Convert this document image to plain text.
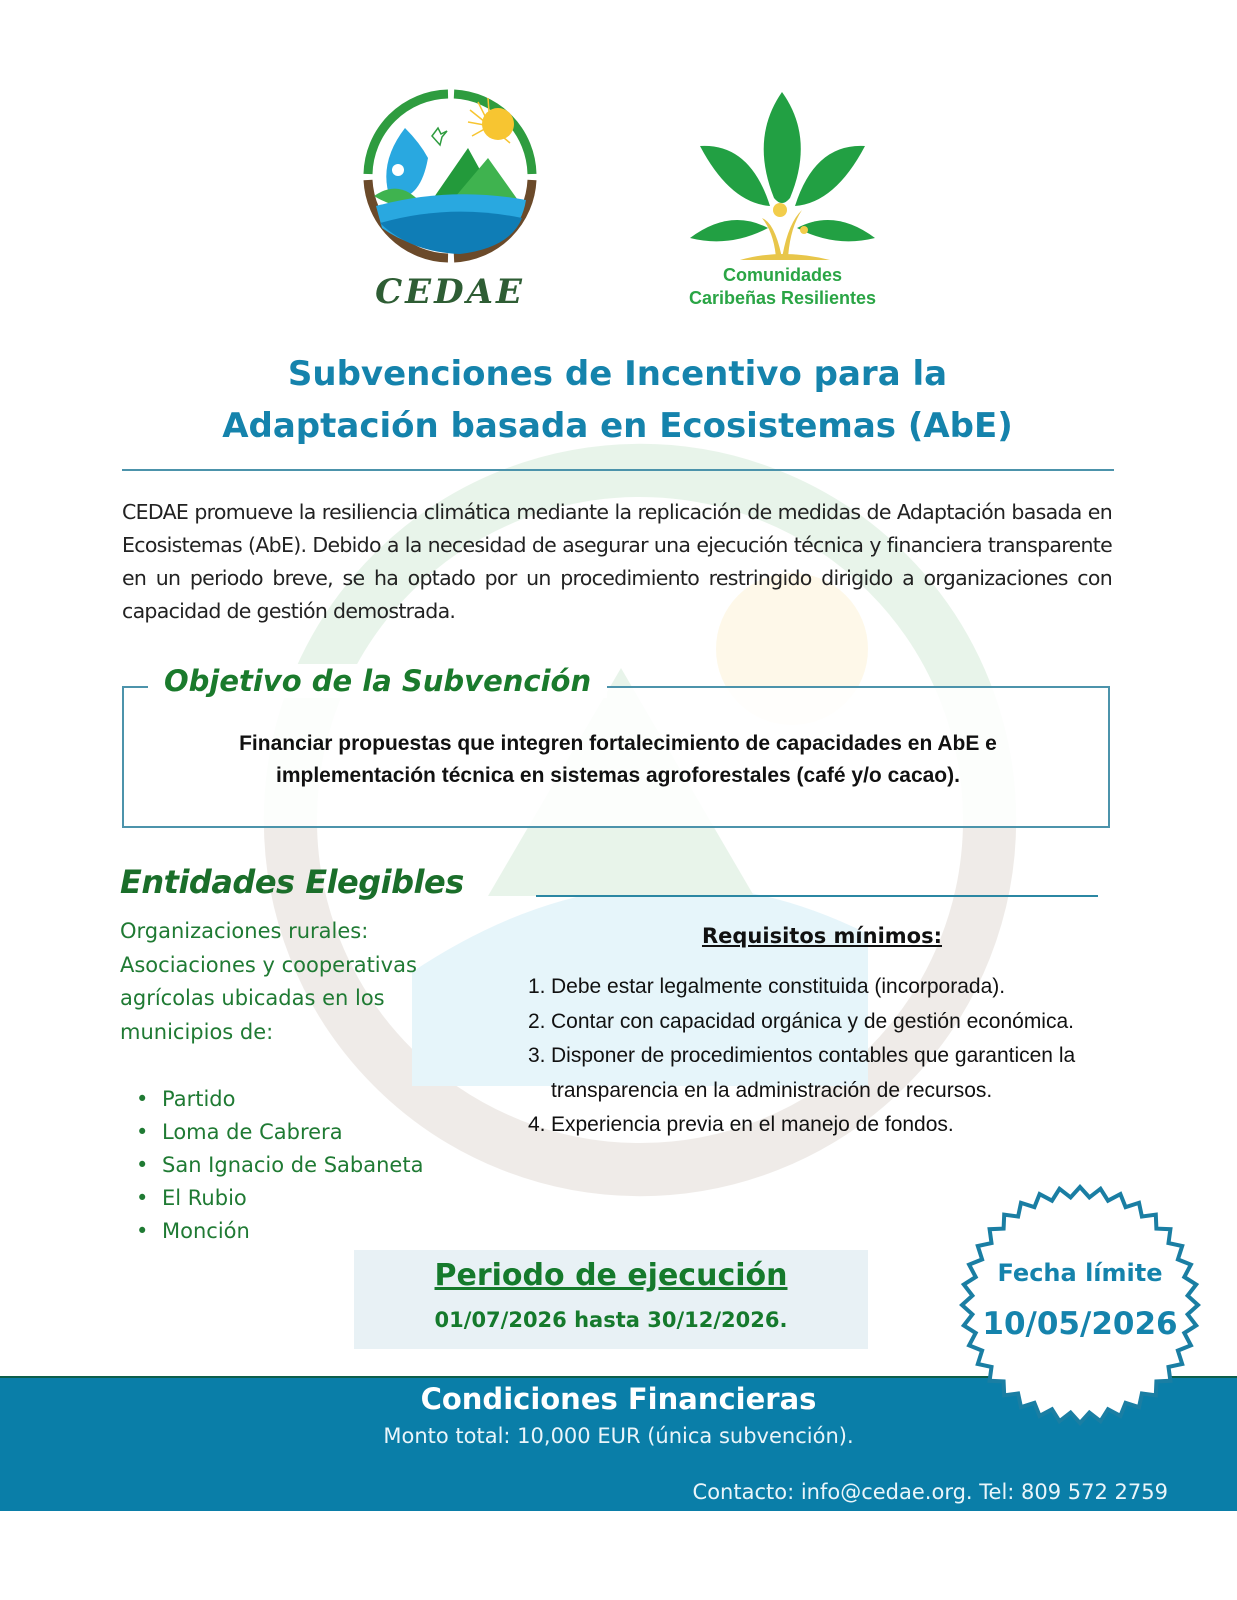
CEDAE	Comunidades
Caribeñas Resilientes
Subvenciones de Incentivo para la
Adaptación basada en Ecosistemas (AbE)
CEDAE promueve la resiliencia climática mediante la replicación de medidas de Adaptación basada en Ecosistemas (AbE). Debido a la necesidad de asegurar una ejecución técnica y financiera transparente en un periodo breve, se ha optado por un procedimiento restringido dirigido a organizaciones con capacidad de gestión demostrada.
Objetivo de la Subvención
Financiar propuestas que integren fortalecimiento de capacidades en AbE e
implementación técnica en sistemas agroforestales (café y/o cacao).
Entidades Elegibles
Organizaciones rurales: Asociaciones y cooperativas agrícolas ubicadas en los municipios de:
• Partido
• Loma de Cabrera
• San Ignacio de Sabaneta
• El Rubio
• Monción
Requisitos mínimos:
1. Debe estar legalmente constituida (incorporada).
2. Contar con capacidad orgánica y de gestión económica.
3. Disponer de procedimientos contables que garanticen la transparencia en la administración de recursos.
4. Experiencia previa en el manejo de fondos.
Periodo de ejecución
01/07/2026 hasta 30/12/2026.
Condiciones Financieras
Monto total: 10,000 EUR (única subvención).
Contacto: info@cedae.org. Tel: 809 572 2759
Fecha límite
10/05/2026
